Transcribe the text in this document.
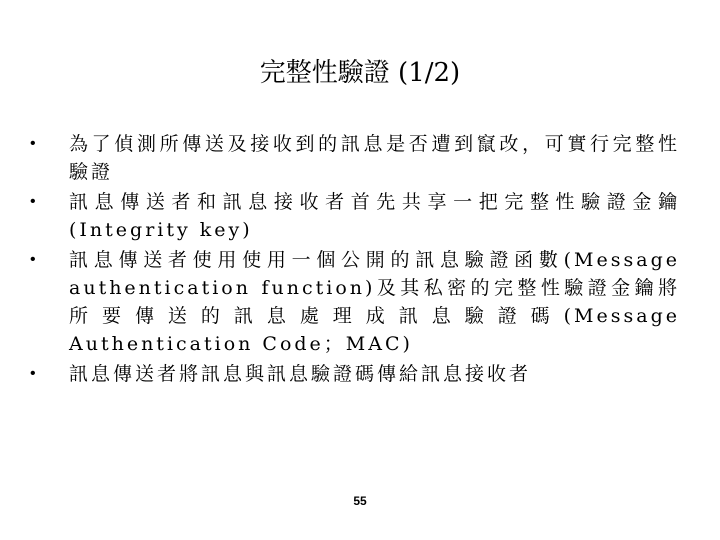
完整性驗證 (1/2)
• 為了偵測所傳送及接收到的訊息是否遭到竄改，可實行完整性驗證
• 訊息傳送者和訊息接收者首先共享一把完整性驗證金鑰(Integrity key)
• 訊息傳送者使用使用一個公開的訊息驗證函數(Message authentication function)及其私密的完整性驗證金鑰將所要傳送的訊息處理成訊息驗證碼(Message Authentication Code；MAC)
• 訊息傳送者將訊息與訊息驗證碼傳給訊息接收者
55
